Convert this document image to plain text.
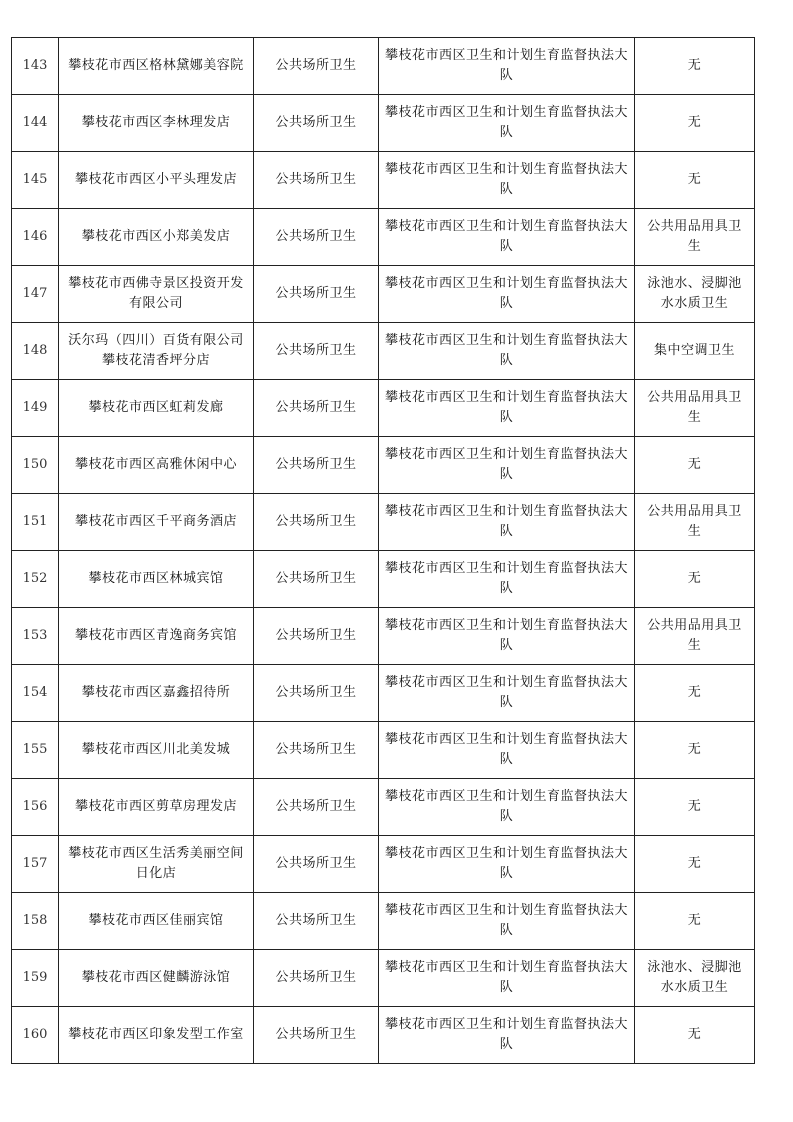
143	攀枝花市西区格林黛娜美容院	公共场所卫生	攀枝花市西区卫生和计划生育监督执法大队	无
144	攀枝花市西区李林理发店	公共场所卫生	攀枝花市西区卫生和计划生育监督执法大队	无
145	攀枝花市西区小平头理发店	公共场所卫生	攀枝花市西区卫生和计划生育监督执法大队	无
146	攀枝花市西区小郑美发店	公共场所卫生	攀枝花市西区卫生和计划生育监督执法大队	公共用品用具卫生
147	攀枝花市西佛寺景区投资开发有限公司	公共场所卫生	攀枝花市西区卫生和计划生育监督执法大队	泳池水、浸脚池水水质卫生
148	沃尔玛（四川）百货有限公司攀枝花清香坪分店	公共场所卫生	攀枝花市西区卫生和计划生育监督执法大队	集中空调卫生
149	攀枝花市西区虹莉发廊	公共场所卫生	攀枝花市西区卫生和计划生育监督执法大队	公共用品用具卫生
150	攀枝花市西区高雅休闲中心	公共场所卫生	攀枝花市西区卫生和计划生育监督执法大队	无
151	攀枝花市西区千平商务酒店	公共场所卫生	攀枝花市西区卫生和计划生育监督执法大队	公共用品用具卫生
152	攀枝花市西区林城宾馆	公共场所卫生	攀枝花市西区卫生和计划生育监督执法大队	无
153	攀枝花市西区青逸商务宾馆	公共场所卫生	攀枝花市西区卫生和计划生育监督执法大队	公共用品用具卫生
154	攀枝花市西区嘉鑫招待所	公共场所卫生	攀枝花市西区卫生和计划生育监督执法大队	无
155	攀枝花市西区川北美发城	公共场所卫生	攀枝花市西区卫生和计划生育监督执法大队	无
156	攀枝花市西区剪草房理发店	公共场所卫生	攀枝花市西区卫生和计划生育监督执法大队	无
157	攀枝花市西区生活秀美丽空间日化店	公共场所卫生	攀枝花市西区卫生和计划生育监督执法大队	无
158	攀枝花市西区佳丽宾馆	公共场所卫生	攀枝花市西区卫生和计划生育监督执法大队	无
159	攀枝花市西区健麟游泳馆	公共场所卫生	攀枝花市西区卫生和计划生育监督执法大队	泳池水、浸脚池水水质卫生
160	攀枝花市西区印象发型工作室	公共场所卫生	攀枝花市西区卫生和计划生育监督执法大队	无
